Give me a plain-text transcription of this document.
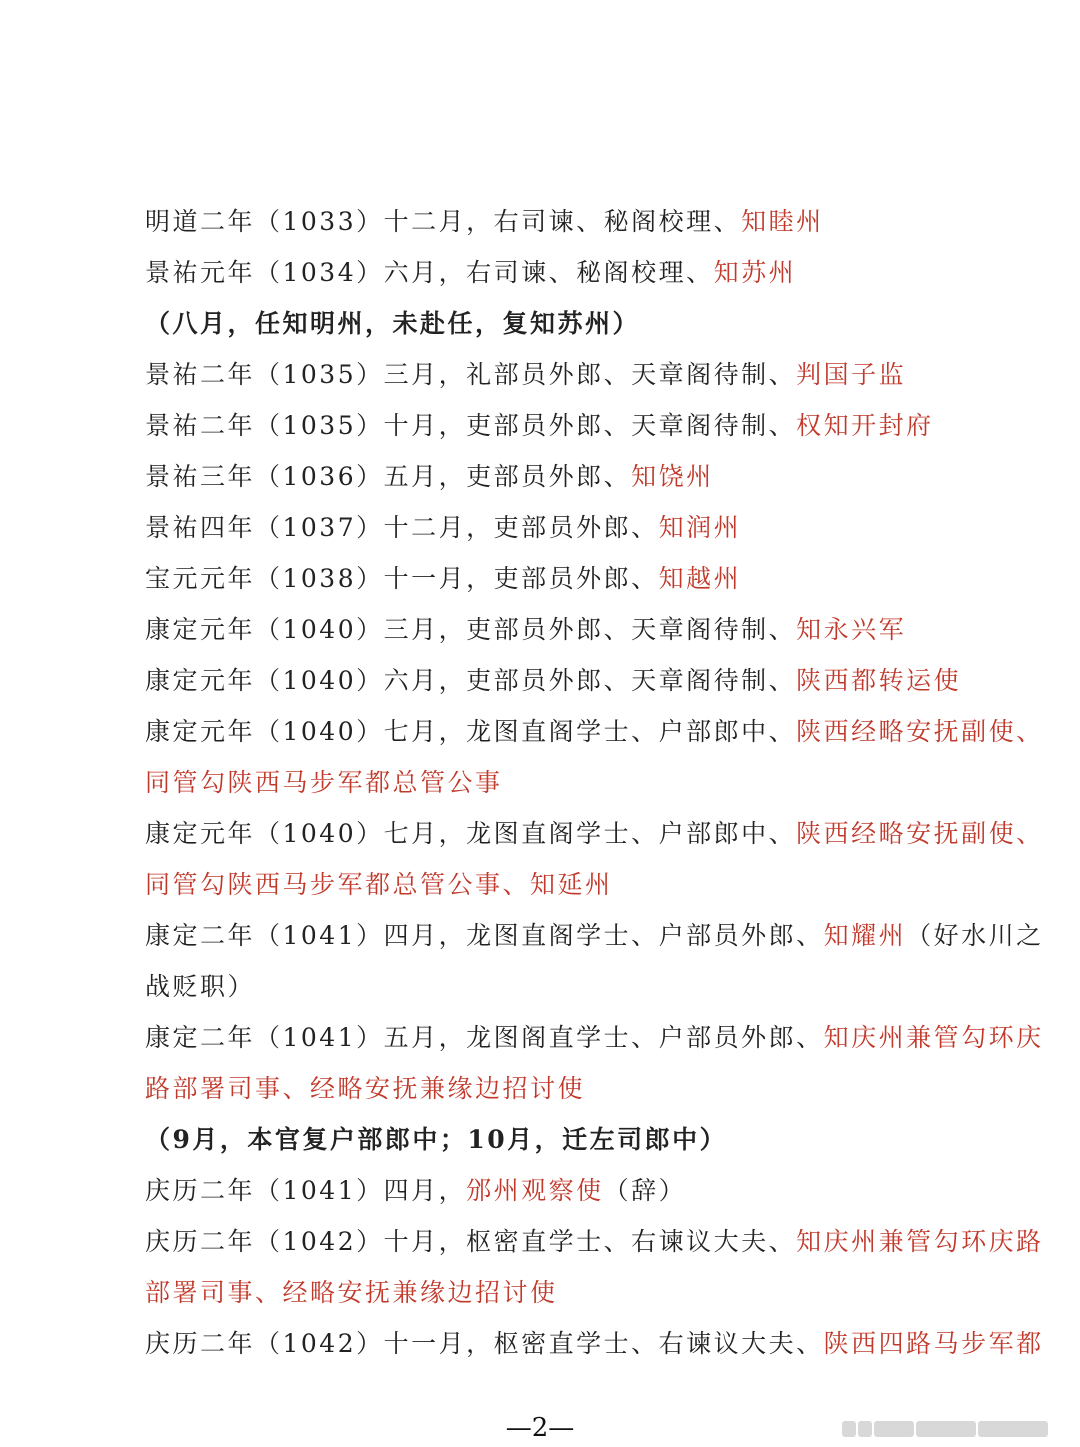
明道二年（1033）十二月，右司谏、秘阁校理、知睦州
景祐元年（1034）六月，右司谏、秘阁校理、知苏州
（八月，任知明州，未赴任，复知苏州）
景祐二年（1035）三月，礼部员外郎、天章阁待制、判国子监
景祐二年（1035）十月，吏部员外郎、天章阁待制、权知开封府
景祐三年（1036）五月，吏部员外郎、知饶州
景祐四年（1037）十二月，吏部员外郎、知润州
宝元元年（1038）十一月，吏部员外郎、知越州
康定元年（1040）三月，吏部员外郎、天章阁待制、知永兴军
康定元年（1040）六月，吏部员外郎、天章阁待制、陕西都转运使
康定元年（1040）七月，龙图直阁学士、户部郎中、陕西经略安抚副使、
同管勾陕西马步军都总管公事
康定元年（1040）七月，龙图直阁学士、户部郎中、陕西经略安抚副使、
同管勾陕西马步军都总管公事、知延州
康定二年（1041）四月，龙图直阁学士、户部员外郎、知耀州（好水川之
战贬职）
康定二年（1041）五月，龙图阁直学士、户部员外郎、知庆州兼管勾环庆
路部署司事、经略安抚兼缘边招讨使
（9月，本官复户部郎中；10月，迁左司郎中）
庆历二年（1041）四月，邠州观察使（辞）
庆历二年（1042）十月，枢密直学士、右谏议大夫、知庆州兼管勾环庆路
部署司事、经略安抚兼缘边招讨使
庆历二年（1042）十一月，枢密直学士、右谏议大夫、陕西四路马步军都
—2—
